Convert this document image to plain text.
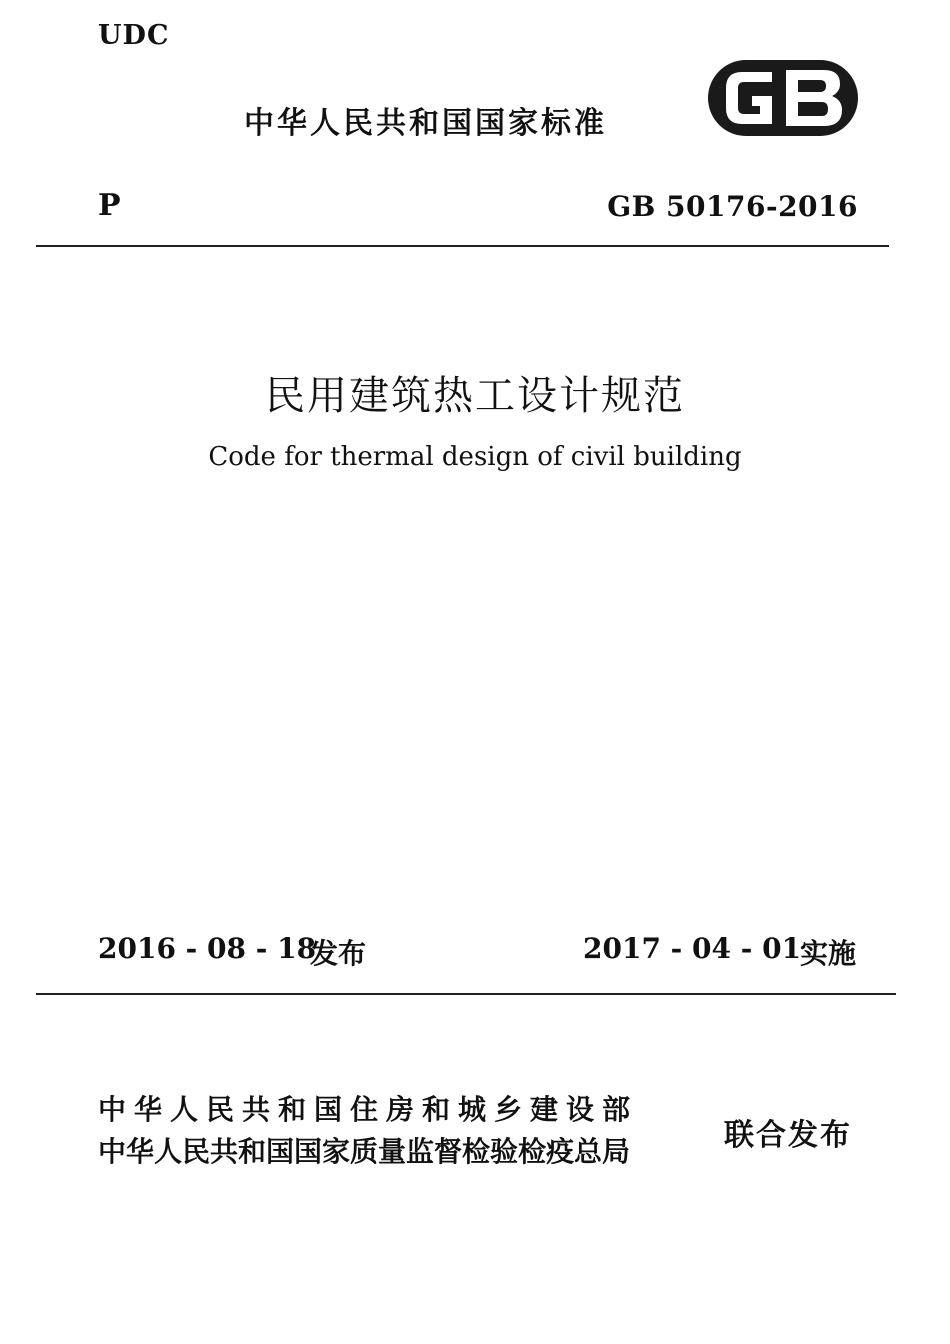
UDC
中华人民共和国国家标准
P	GB 50176-2016
民用建筑热工设计规范
Code for thermal design of civil building
2016 - 08 - 18
发布	2017 - 04 - 01
实施
中华人民共和国住房和城乡建设部
中华人民共和国国家质量监督检验检疫总局	联合发布
